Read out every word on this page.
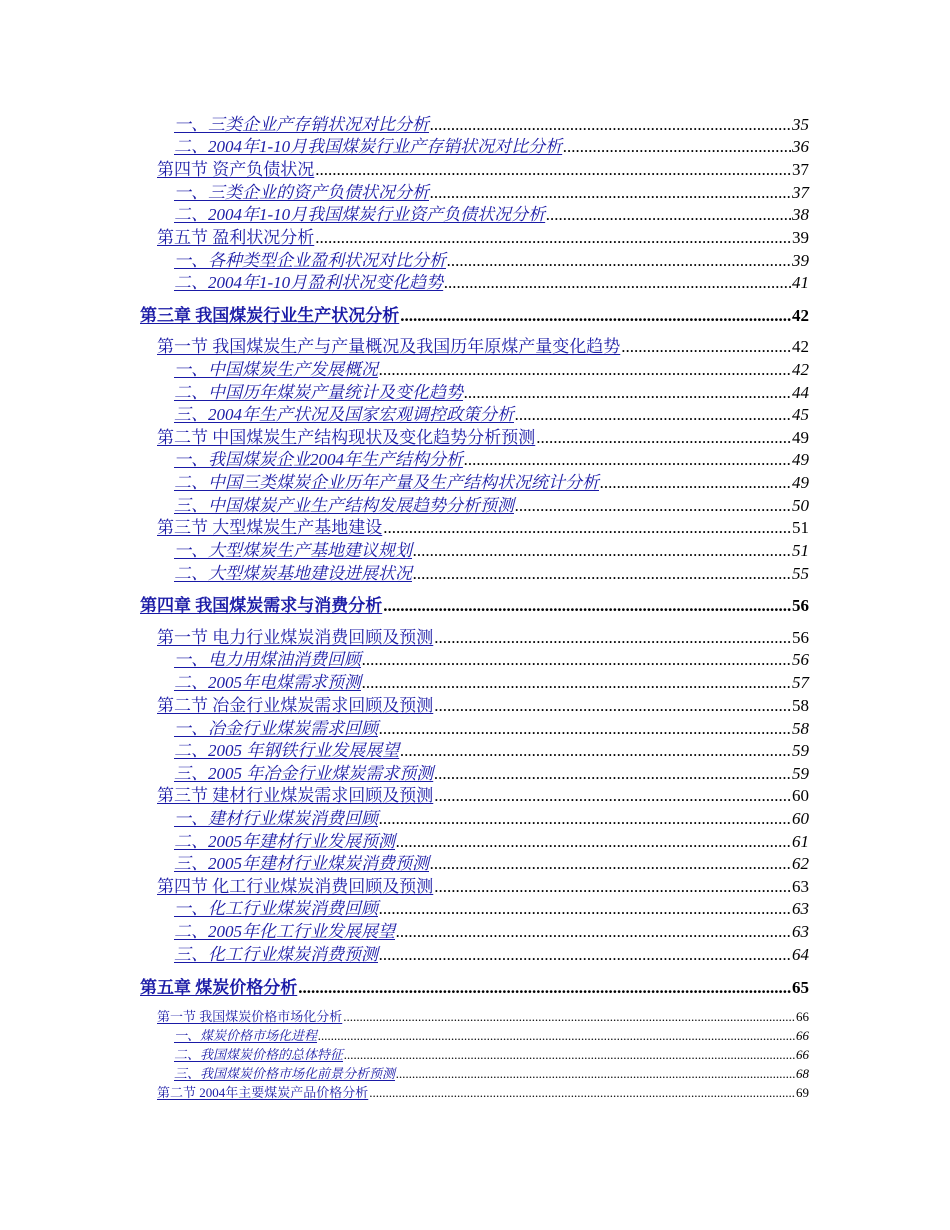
一、三类企业产存销状况对比分析 .....	35
二、2004年1-10月我国煤炭行业产存销状况对比分析 .....	36
第四节 资产负债状况 .....	37
一、三类企业的资产负债状况分析 .....	37
二、2004年1-10月我国煤炭行业资产负债状况分析 .....	38
第五节 盈利状况分析 .....	39
一、各种类型企业盈利状况对比分析 .....	39
二、2004年1-10月盈利状况变化趋势 .....	41
第三章 我国煤炭行业生产状况分析 .....	42
第一节 我国煤炭生产与产量概况及我国历年原煤产量变化趋势 .....	42
一、中国煤炭生产发展概况 .....	42
二、中国历年煤炭产量统计及变化趋势 .....	44
三、2004年生产状况及国家宏观调控政策分析 .....	45
第二节 中国煤炭生产结构现状及变化趋势分析预测 .....	49
一、我国煤炭企业2004年生产结构分析 .....	49
二、中国三类煤炭企业历年产量及生产结构状况统计分析 .....	49
三、中国煤炭产业生产结构发展趋势分析预测 .....	50
第三节 大型煤炭生产基地建设 .....	51
一、大型煤炭生产基地建议规划 .....	51
二、大型煤炭基地建设进展状况 .....	55
第四章 我国煤炭需求与消费分析 .....	56
第一节 电力行业煤炭消费回顾及预测 .....	56
一、电力用煤油消费回顾 .....	56
二、2005年电煤需求预测 .....	57
第二节 冶金行业煤炭需求回顾及预测 .....	58
一、冶金行业煤炭需求回顾 .....	58
二、2005 年钢铁行业发展展望 .....	59
三、2005 年冶金行业煤炭需求预测 .....	59
第三节 建材行业煤炭需求回顾及预测 .....	60
一、建材行业煤炭消费回顾 .....	60
二、2005年建材行业发展预测 .....	61
三、2005年建材行业煤炭消费预测 .....	62
第四节 化工行业煤炭消费回顾及预测 .....	63
一、化工行业煤炭消费回顾 .....	63
二、2005年化工行业发展展望 .....	63
三、化工行业煤炭消费预测 .....	64
第五章 煤炭价格分析 .....	65
第一节 我国煤炭价格市场化分析 .....	66
一、煤炭价格市场化进程 .....	66
二、我国煤炭价格的总体特征 .....	66
三、我国煤炭价格市场化前景分析预测 .....	68
第二节 2004年主要煤炭产品价格分析 .....	69
